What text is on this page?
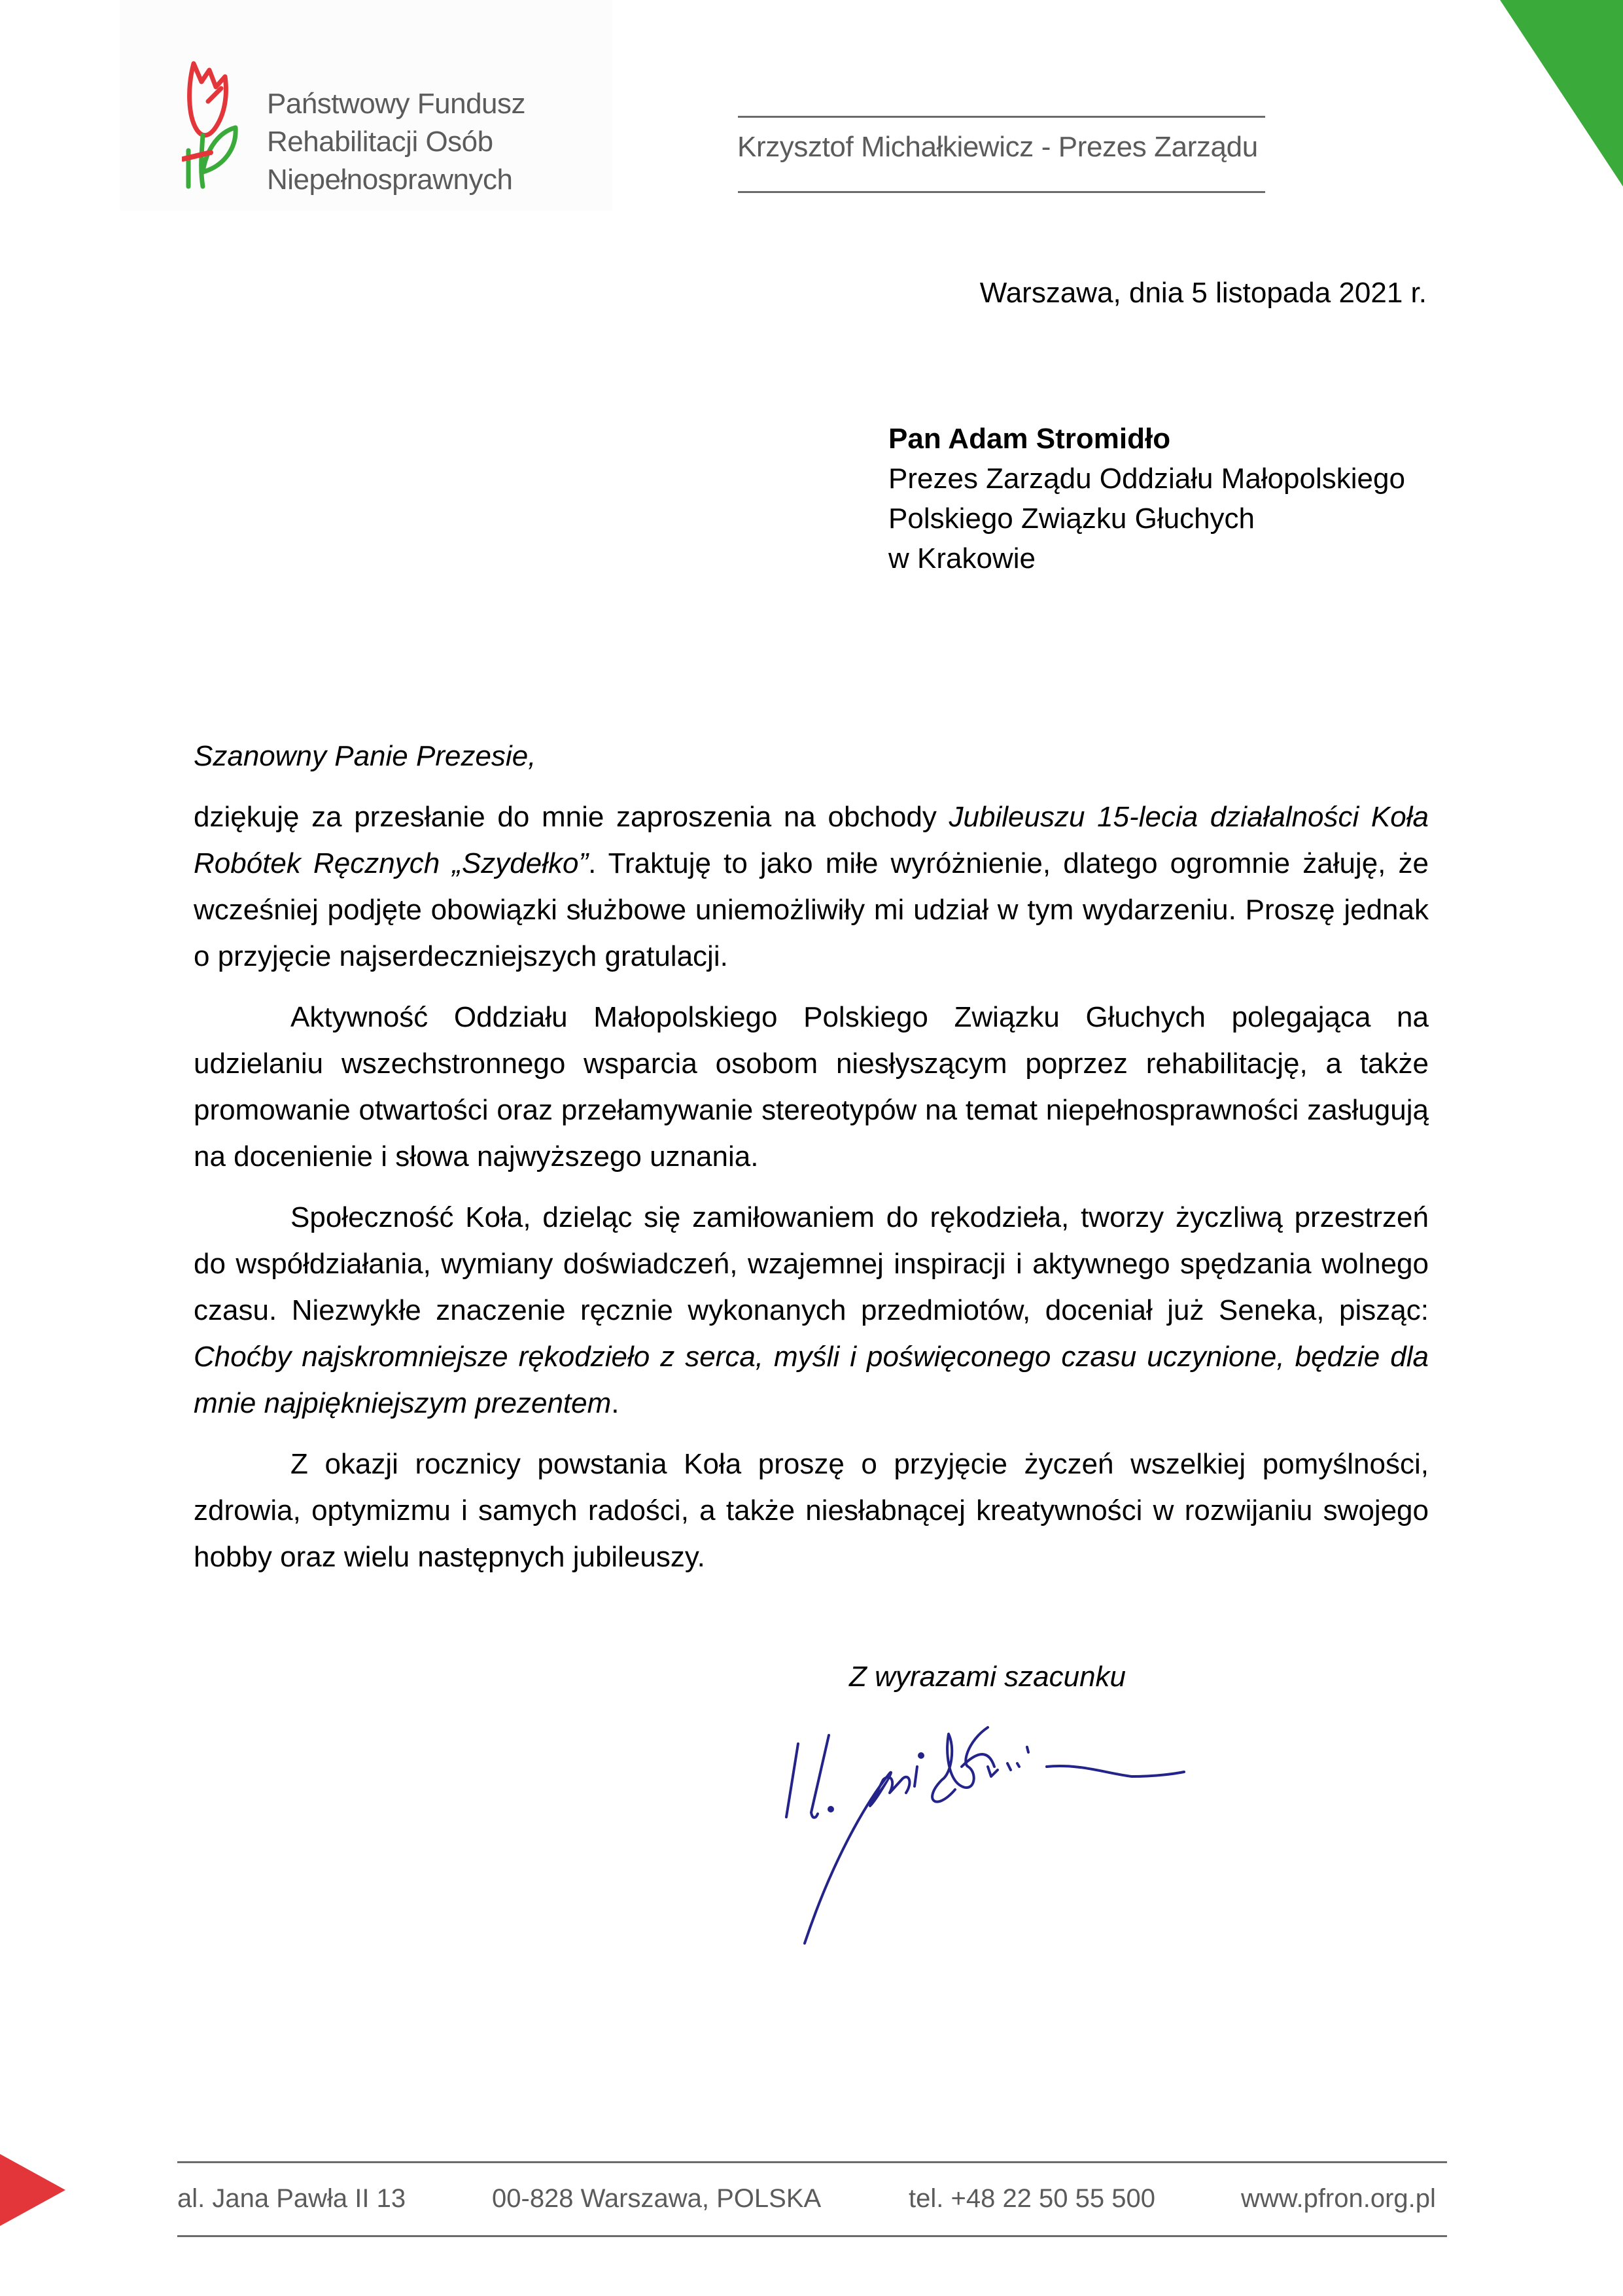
Państwowy Fundusz
Rehabilitacji Osób
Niepełnosprawnych
Krzysztof Michałkiewicz - Prezes Zarządu
Warszawa, dnia 5 listopada 2021 r.
Pan Adam Stromidło
Prezes Zarządu Oddziału Małopolskiego
Polskiego Związku Głuchych
w Krakowie

Szanowny Panie Prezesie,

dziękuję za przesłanie do mnie zaproszenia na obchody Jubileuszu 15-lecia działalności Koła Robótek Ręcznych „Szydełko”. Traktuję to jako miłe wyróżnienie, dlatego ogromnie żałuję, że wcześniej podjęte obowiązki służbowe uniemożliwiły mi udział w tym wydarzeniu. Proszę jednak o przyjęcie najserdeczniejszych gratulacji.

Aktywność Oddziału Małopolskiego Polskiego Związku Głuchych polegająca na udzielaniu wszechstronnego wsparcia osobom niesłyszącym poprzez rehabilitację, a także promowanie otwartości oraz przełamywanie stereotypów na temat niepełnosprawności zasługują na docenienie i słowa najwyższego uznania.

Społeczność Koła, dzieląc się zamiłowaniem do rękodzieła, tworzy życzliwą przestrzeń do współdziałania, wymiany doświadczeń, wzajemnej inspiracji i aktywnego spędzania wolnego czasu. Niezwykłe znaczenie ręcznie wykonanych przedmiotów, doceniał już Seneka, pisząc: Choćby najskromniejsze rękodzieło z serca, myśli i poświęconego czasu uczynione, będzie dla mnie najpiękniejszym prezentem.

Z okazji rocznicy powstania Koła proszę o przyjęcie życzeń wszelkiej pomyślności, zdrowia, optymizmu i samych radości, a także niesłabnącej kreatywności w rozwijaniu swojego hobby oraz wielu następnych jubileuszy.

Z wyrazami szacunku
al. Jana Pawła II 13	00-828 Warszawa, POLSKA	tel. +48 22 50 55 500	www.pfron.org.pl
